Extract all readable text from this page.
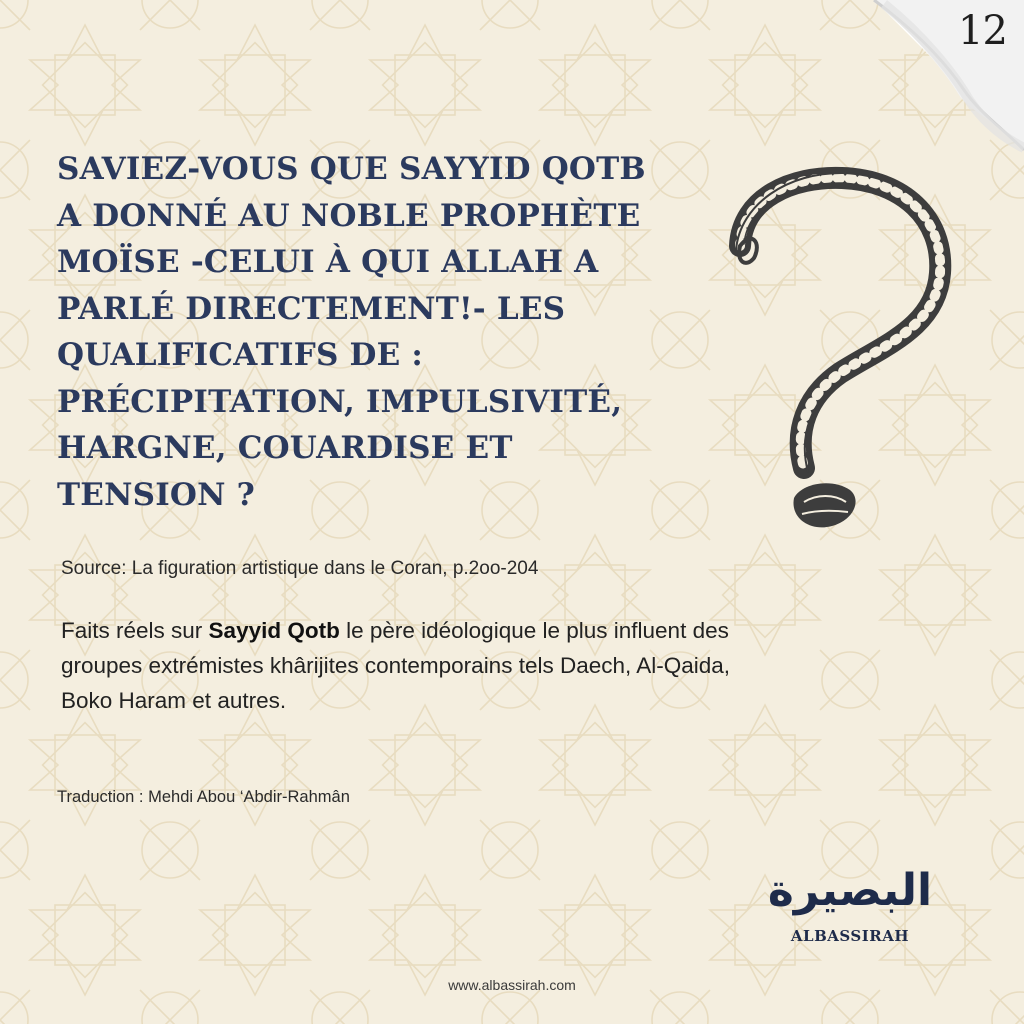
12
SAVIEZ-VOUS QUE SAYYID QOTB
A DONNÉ AU NOBLE PROPHÈTE
MOÏSE -CELUI À QUI ALLAH A
PARLÉ DIRECTEMENT!- LES
QUALIFICATIFS DE :
PRÉCIPITATION, IMPULSIVITÉ,
HARGNE, COUARDISE ET
TENSION ?
Source: La figuration artistique dans le Coran, p.2oo-204

Faits réels sur Sayyid Qotb le père idéologique le plus influent des
groupes extrémistes khârijites contemporains tels Daech, Al-Qaida,
Boko Haram et autres.

Traduction : Mehdi Abou ‘Abdir-Rahmân
البصيرة
ALBASSIRAH
www.albassirah.com
